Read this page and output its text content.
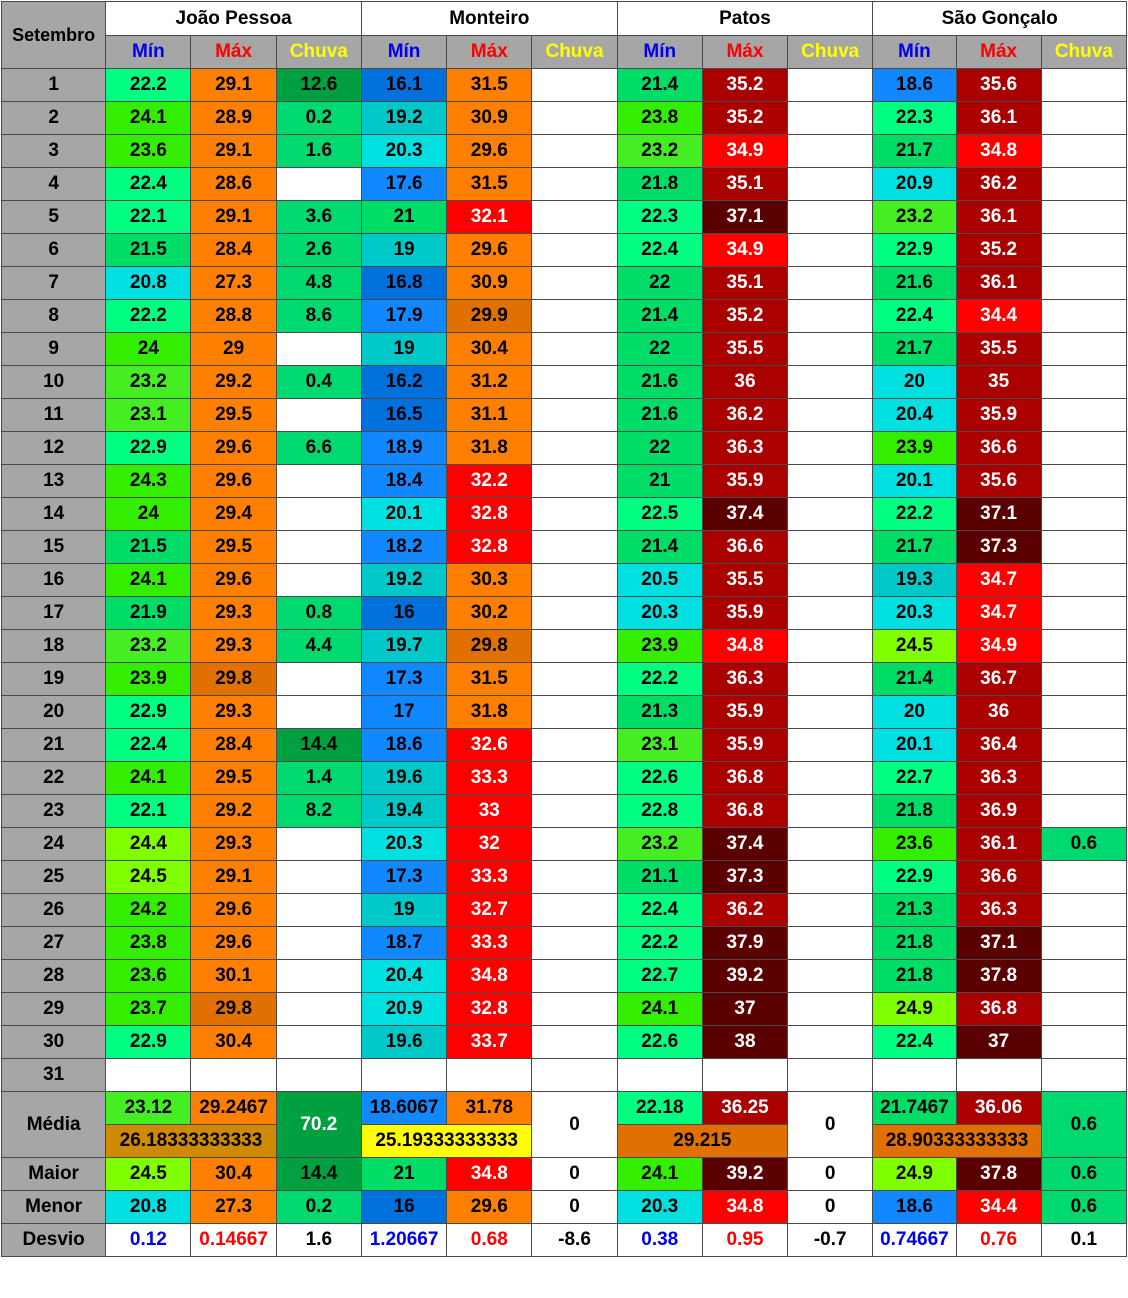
Setembro	João Pessoa			Monteiro			Patos			São Gonçalo		
	Mín	Máx	Chuva	Mín	Máx	Chuva	Mín	Máx	Chuva	Mín	Máx	Chuva
1	22.2	29.1	12.6	16.1	31.5		21.4	35.2		18.6	35.6	
2	24.1	28.9	0.2	19.2	30.9		23.8	35.2		22.3	36.1	
3	23.6	29.1	1.6	20.3	29.6		23.2	34.9		21.7	34.8	
4	22.4	28.6		17.6	31.5		21.8	35.1		20.9	36.2	
5	22.1	29.1	3.6	21	32.1		22.3	37.1		23.2	36.1	
6	21.5	28.4	2.6	19	29.6		22.4	34.9		22.9	35.2	
7	20.8	27.3	4.8	16.8	30.9		22	35.1		21.6	36.1	
8	22.2	28.8	8.6	17.9	29.9		21.4	35.2		22.4	34.4	
9	24	29		19	30.4		22	35.5		21.7	35.5	
10	23.2	29.2	0.4	16.2	31.2		21.6	36		20	35	
11	23.1	29.5		16.5	31.1		21.6	36.2		20.4	35.9	
12	22.9	29.6	6.6	18.9	31.8		22	36.3		23.9	36.6	
13	24.3	29.6		18.4	32.2		21	35.9		20.1	35.6	
14	24	29.4		20.1	32.8		22.5	37.4		22.2	37.1	
15	21.5	29.5		18.2	32.8		21.4	36.6		21.7	37.3	
16	24.1	29.6		19.2	30.3		20.5	35.5		19.3	34.7	
17	21.9	29.3	0.8	16	30.2		20.3	35.9		20.3	34.7	
18	23.2	29.3	4.4	19.7	29.8		23.9	34.8		24.5	34.9	
19	23.9	29.8		17.3	31.5		22.2	36.3		21.4	36.7	
20	22.9	29.3		17	31.8		21.3	35.9		20	36	
21	22.4	28.4	14.4	18.6	32.6		23.1	35.9		20.1	36.4	
22	24.1	29.5	1.4	19.6	33.3		22.6	36.8		22.7	36.3	
23	22.1	29.2	8.2	19.4	33		22.8	36.8		21.8	36.9	
24	24.4	29.3		20.3	32		23.2	37.4		23.6	36.1	0.6
25	24.5	29.1		17.3	33.3		21.1	37.3		22.9	36.6	
26	24.2	29.6		19	32.7		22.4	36.2		21.3	36.3	
27	23.8	29.6		18.7	33.3		22.2	37.9		21.8	37.1	
28	23.6	30.1		20.4	34.8		22.7	39.2		21.8	37.8	
29	23.7	29.8		20.9	32.8		24.1	37		24.9	36.8	
30	22.9	30.4		19.6	33.7		22.6	38		22.4	37	
31												
Média	23.12	29.2467	70.2	18.6067	31.78	0	22.18	36.25	0	21.7467	36.06	0.6
	26.18333333333			25.19333333333			29.215			28.90333333333		
Maior	24.5	30.4	14.4	21	34.8	0	24.1	39.2	0	24.9	37.8	0.6
Menor	20.8	27.3	0.2	16	29.6	0	20.3	34.8	0	18.6	34.4	0.6
Desvio	0.12	0.14667	1.6	1.20667	0.68	-8.6	0.38	0.95	-0.7	0.74667	0.76	0.1
